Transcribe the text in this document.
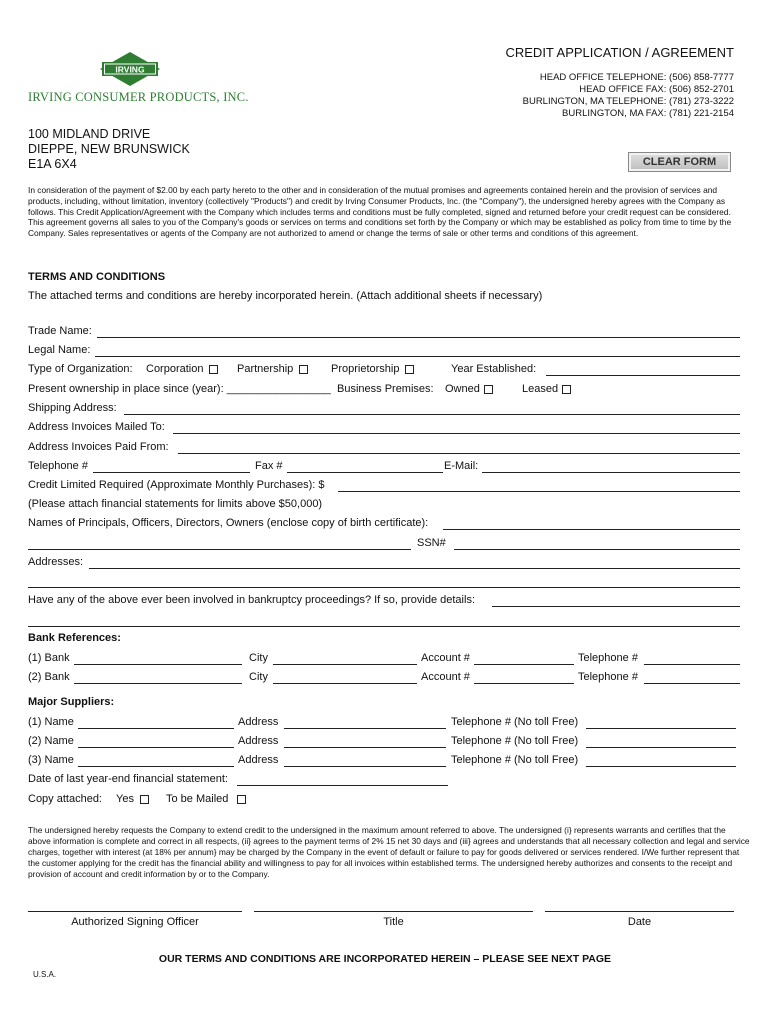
IRVING
IRVING CONSUMER PRODUCTS, INC.
CREDIT APPLICATION / AGREEMENT
HEAD OFFICE TELEPHONE: (506) 858-7777
HEAD OFFICE FAX: (506) 852-2701
BURLINGTON, MA TELEPHONE: (781) 273-3222
BURLINGTON, MA FAX: (781) 221-2154
100 MIDLAND DRIVE
DIEPPE, NEW BRUNSWICK
E1A 6X4	CLEAR FORM
In consideration of the payment of $2.00 by each party hereto to the other and in consideration of the mutual promises and agreements contained herein and the provision of services and products, including, without limitation, inventory (collectively "Products") and credit by Irving Consumer Products, Inc. (the "Company"), the undersigned hereby agrees with the Company as follows. This Credit Application/Agreement with the Company which includes terms and conditions must be fully completed, signed and returned before your credit request can be considered. This agreement governs all sales to you of the Company's goods or services on terms and conditions set forth by the Company or which may be established as policy from time to time by the Company. Sales representatives or agents of the Company are not authorized to amend or change the terms of sale or other terms and conditions of this agreement.
TERMS AND CONDITIONS
The attached terms and conditions are hereby incorporated herein. (Attach additional sheets if necessary)
Trade Name:
Legal Name:
Type of Organization: Corporation	Partnership	Proprietorship	Year Established:
Present ownership in place since (year): _________________ Business Premises: Owned	Leased
Shipping Address:
Address Invoices Mailed To:
Address Invoices Paid From:
Telephone #	Fax #	E-Mail:
Credit Limited Required (Approximate Monthly Purchases): $
(Please attach financial statements for limits above $50,000)
Names of Principals, Officers, Directors, Owners (enclose copy of birth certificate):
SSN#
Addresses:
Have any of the above ever been involved in bankruptcy proceedings? If so, provide details:
Bank References:
(1) Bank	City	Account #	Telephone #
(2) Bank	City	Account #	Telephone #
Major Suppliers:
(1) Name	Address	Telephone # (No toll Free)
(2) Name	Address	Telephone # (No toll Free)
(3) Name	Address	Telephone # (No toll Free)
Date of last year-end financial statement:
Copy attached: Yes	To be Mailed
The undersigned hereby requests the Company to extend credit to the undersigned in the maximum amount referred to above. The undersigned (i} represents warrants and certifies that the above information is complete and correct in all respects, (ii} agrees to the payment terms of 2% 15 net 30 days and (iii} agrees and understands that all necessary collection and legal and service charges, together with interest (at 18% per annum} may be charged by the Company in the event of default or failure to pay for goods delivered or services rendered. I/We further represent that the customer applying for the credit has the financial ability and willingness to pay for all invoices within established terms. The undersigned hereby authorizes and consents to the receipt and provision of account and credit information by or to the Company.
Authorized Signing Officer	Title	Date
OUR TERMS AND CONDITIONS ARE INCORPORATED HEREIN – PLEASE SEE NEXT PAGE
U.S.A.
